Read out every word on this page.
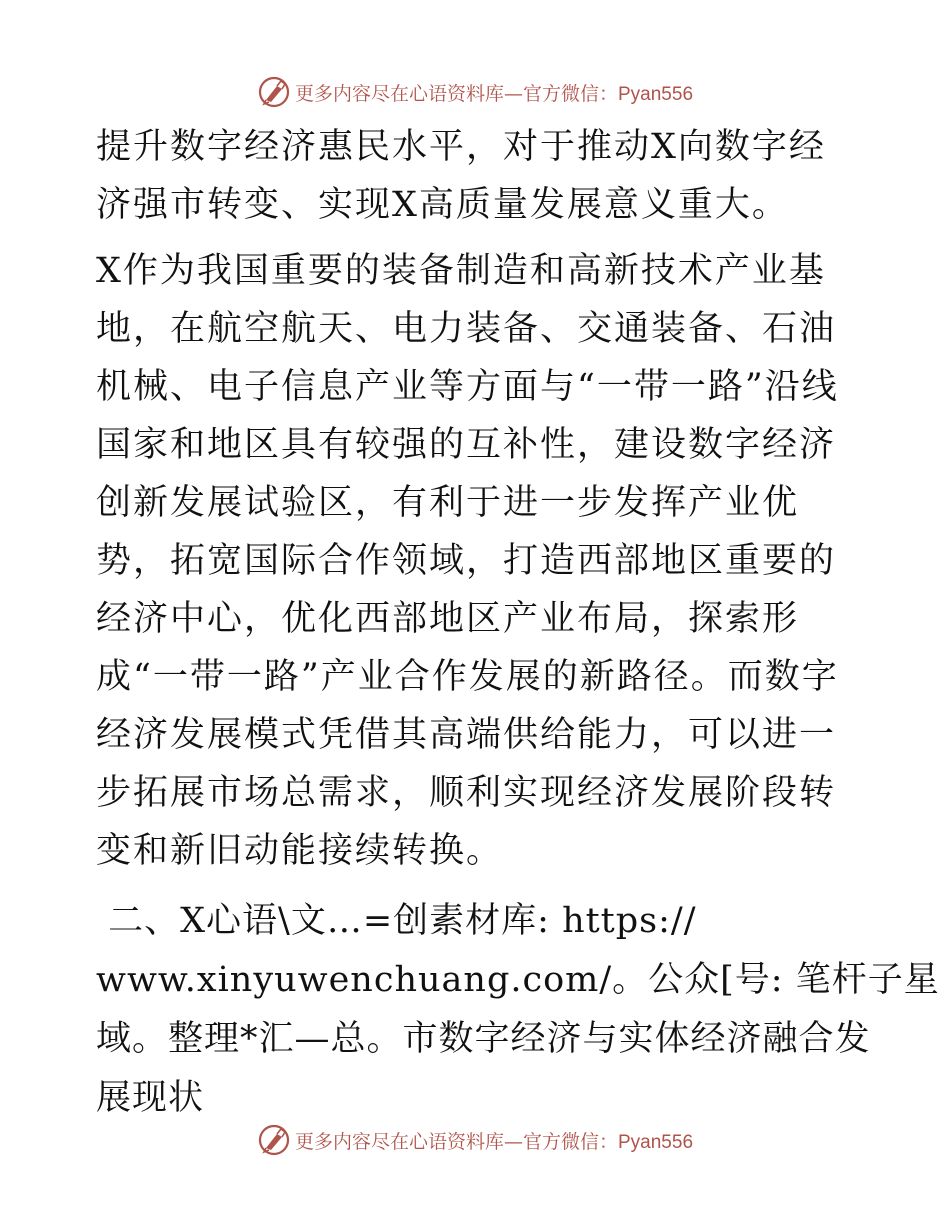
更多内容尽在心语资料库— 官方微信：Pyan556

提升数字经济惠民水平，对于推动X向数字经济强市转变、实现X高质量发展意义重大。

X作为我国重要的装备制造和高新技术产业基地，在航空航天、电力装备、交通装备、石油机械、电子信息产业等方面与“一带一路”沿线国家和地区具有较强的互补性，建设数字经济创新发展试验区，有利于进一步发挥产业优势，拓宽国际合作领域，打造西部地区重要的经济中心，优化西部地区产业布局，探索形成“一带一路”产业合作发展的新路径。而数字经济发展模式凭借其高端供给能力，可以进一步拓展市场总需求，顺利实现经济发展阶段转变和新旧动能接续转换。

二、X心语\文…=创素材库: https://
www.xinyuwenchuang.com/。公众[号: 笔杆子星
域。整理*汇—总。市数字经济与实体经济融合发
展现状
更多内容尽在心语资料库— 官方微信：Pyan556
